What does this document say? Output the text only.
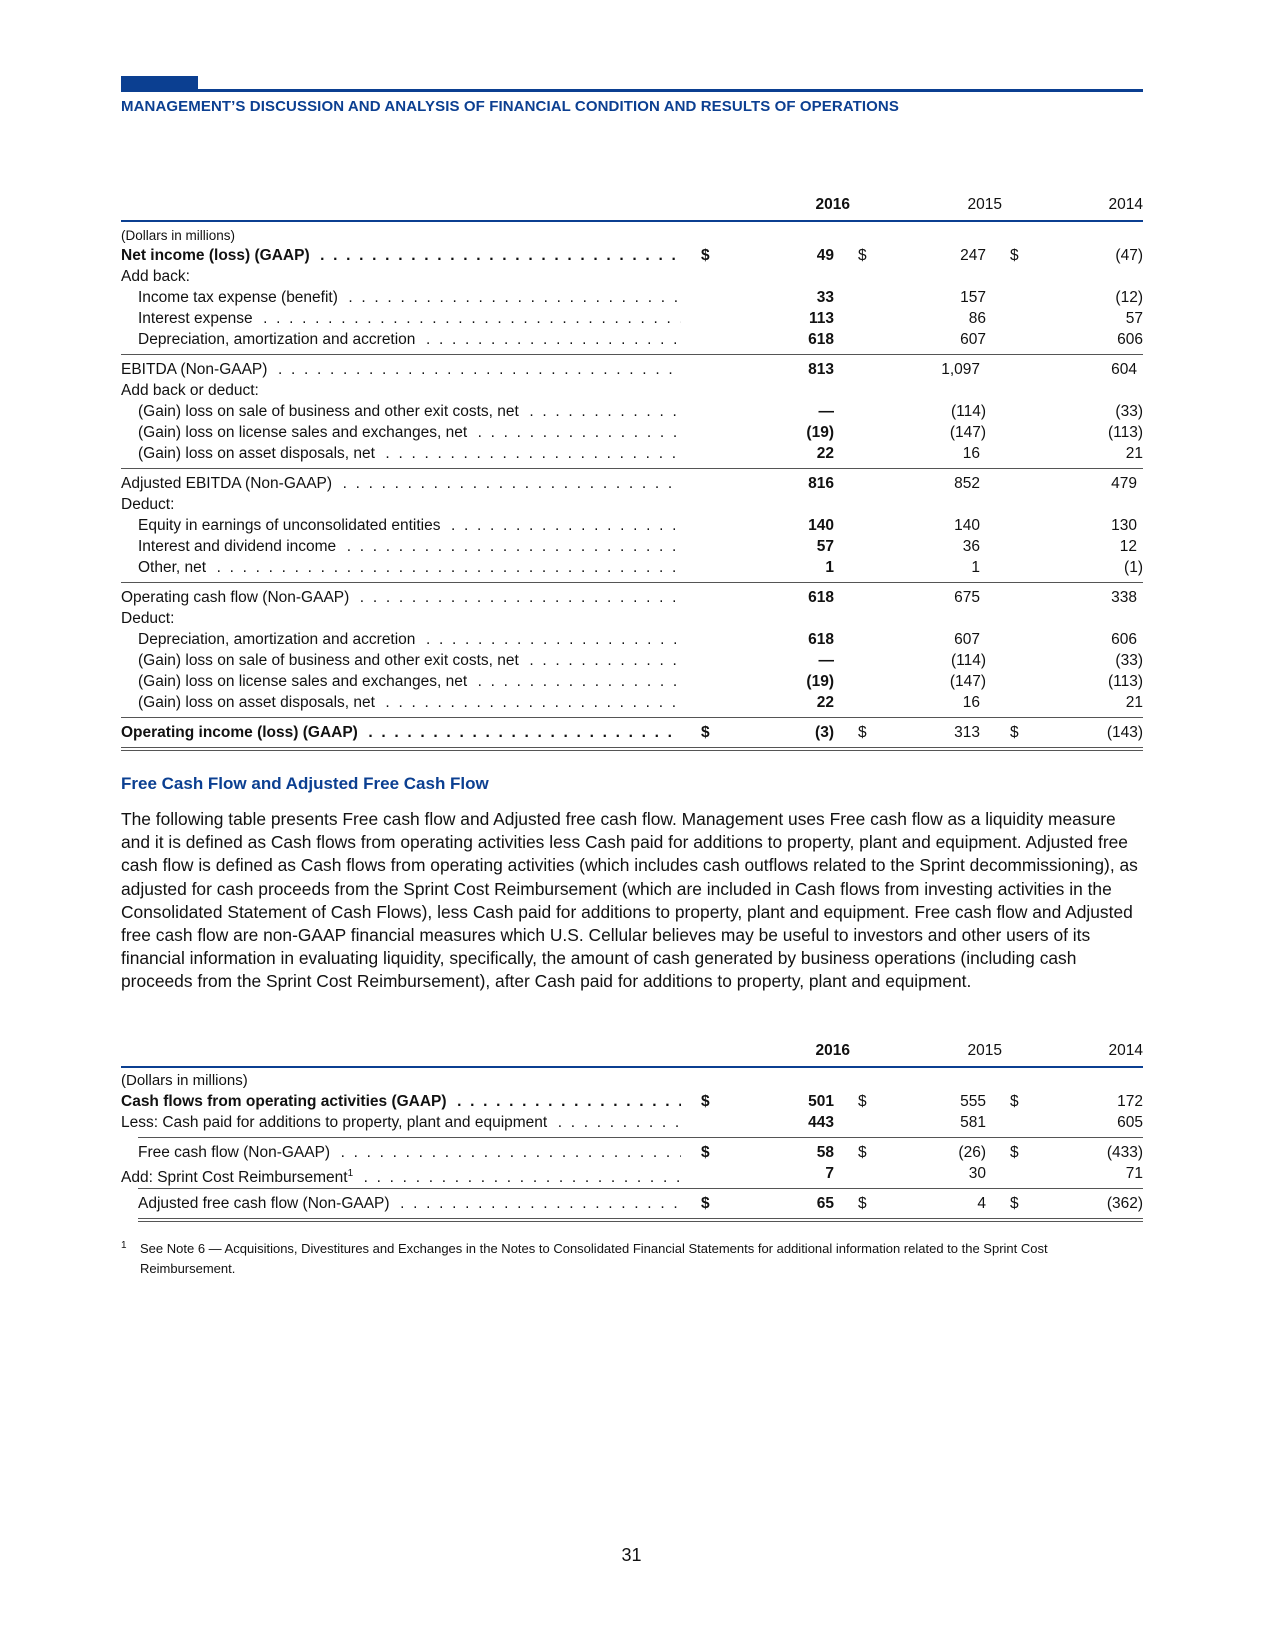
MANAGEMENT’S DISCUSSION AND ANALYSIS OF FINANCIAL CONDITION AND RESULTS OF OPERATIONS
2016	2015	2014
(Dollars in millions)
Net income (loss) (GAAP) . . .	$	49 $	247 $	(47)
Add back:
Income tax expense (benefit) . . .	33	157	(12)
Interest expense . . .	113	86	57
Depreciation, amortization and accretion . . .	618	607	606
EBITDA (Non-GAAP) . . .	813	1,097	604
Add back or deduct:
(Gain) loss on sale of business and other exit costs, net . . .	—	(114)	(33)
(Gain) loss on license sales and exchanges, net . . .	(19)	(147)	(113)
(Gain) loss on asset disposals, net . . .	22	16	21
Adjusted EBITDA (Non-GAAP) . . .	816	852	479
Deduct:
Equity in earnings of unconsolidated entities . . .	140	140	130
Interest and dividend income . . .	57	36	12
Other, net . . .	1	1	(1)
Operating cash flow (Non-GAAP) . . .	618	675	338
Deduct:
Depreciation, amortization and accretion . . .	618	607	606
(Gain) loss on sale of business and other exit costs, net . . .	—	(114)	(33)
(Gain) loss on license sales and exchanges, net . . .	(19)	(147)	(113)
(Gain) loss on asset disposals, net . . .	22	16	21
Operating income (loss) (GAAP) . . .	$	(3) $	313 $	(143)
Free Cash Flow and Adjusted Free Cash Flow
The following table presents Free cash flow and Adjusted free cash flow. Management uses Free cash flow as a liquidity measure and it is defined as Cash flows from operating activities less Cash paid for additions to property, plant and equipment. Adjusted free cash flow is defined as Cash flows from operating activities (which includes cash outflows related to the Sprint decommissioning), as adjusted for cash proceeds from the Sprint Cost Reimbursement (which are included in Cash flows from investing activities in the Consolidated Statement of Cash Flows), less Cash paid for additions to property, plant and equipment. Free cash flow and Adjusted free cash flow are non-GAAP financial measures which U.S. Cellular believes may be useful to investors and other users of its financial information in evaluating liquidity, specifically, the amount of cash generated by business operations (including cash proceeds from the Sprint Cost Reimbursement), after Cash paid for additions to property, plant and equipment.
2016	2015	2014
(Dollars in millions)
Cash flows from operating activities (GAAP) . . .	$	501 $	555 $	172
Less: Cash paid for additions to property, plant and equipment . . .	443	581	605
Free cash flow (Non-GAAP) . . .	$	58 $	(26) $	(433)
Add: Sprint Cost Reimbursement$^1$ . . .	7	30	71
Adjusted free cash flow (Non-GAAP) . . .	$	65 $	4 $	(362)
1 See Note 6 — Acquisitions, Divestitures and Exchanges in the Notes to Consolidated Financial Statements for additional information related to the Sprint Cost Reimbursement.
31
